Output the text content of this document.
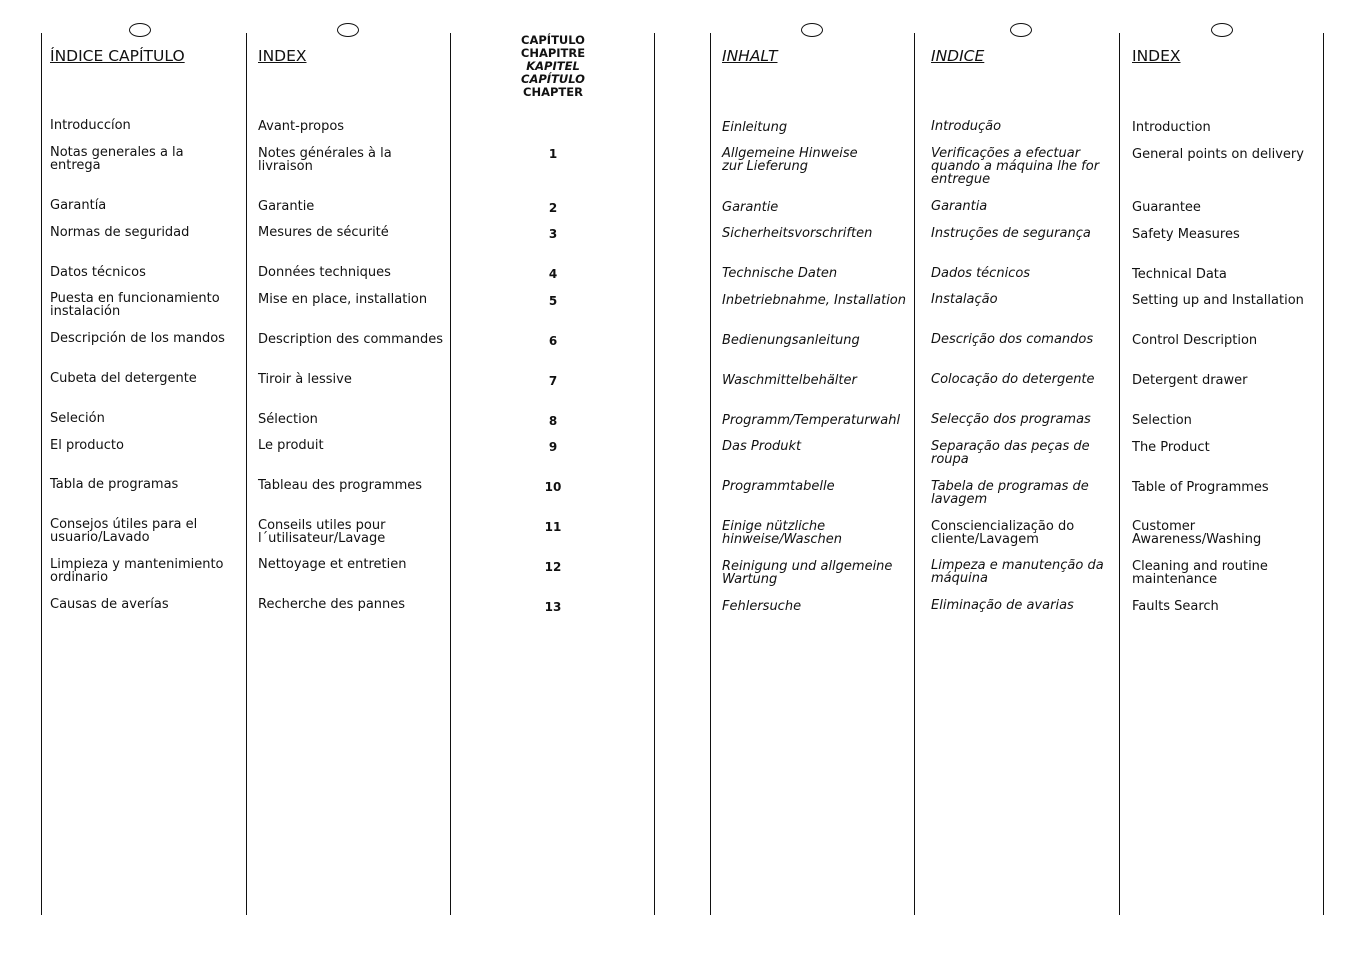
ÍNDICE CAPÍTULO
Introduccíon
Notas generales a la entrega
Garantía
Normas de seguridad
Datos técnicos
Puesta en funcionamiento instalación
Descripción de los mandos
Cubeta del detergente
Seleción
El producto
Tabla de programas
Consejos útiles para el usuario/Lavado
Limpieza y mantenimiento ordinario
Causas de averías
INDEX
Avant-propos
Notes générales à la livraison
Garantie
Mesures de sécurité
Données techniques
Mise en place, installation
Description des commandes
Tiroir à lessive
Sélection
Le produit
Tableau des programmes
Conseils utiles pour l´utilisateur/Lavage
Nettoyage et entretien
Recherche des pannes
CAPÍTULO
CHAPITRE
KAPITEL
CAPÍTULO
CHAPTER
1
2
3
4
5
6
7
8
9
10
11
12
13
INHALT
Einleitung
Allgemeine Hinweise zur Lieferung
Garantie
Sicherheitsvorschriften
Technische Daten
Inbetriebnahme, Installation
Bedienungsanleitung
Waschmittelbehälter
Programm/Temperaturwahl
Das Produkt
Programmtabelle
Einige nützliche hinweise/Waschen
Reinigung und allgemeine Wartung
Fehlersuche
INDICE
Introdução
Verificações a efectuar quando a máquina lhe for entregue
Garantia
Instruções de segurança
Dados técnicos
Instalação
Descrição dos comandos
Colocação do detergente
Selecção dos programas
Separação das peças de roupa
Tabela de programas de lavagem
Consciencialização do cliente/Lavagem
Limpeza e manutenção da máquina
Eliminação de avarias
INDEX
Introduction
General points on delivery
Guarantee
Safety Measures
Technical Data
Setting up and Installation
Control Description
Detergent drawer
Selection
The Product
Table of Programmes
Customer Awareness/Washing
Cleaning and routine maintenance
Faults Search
